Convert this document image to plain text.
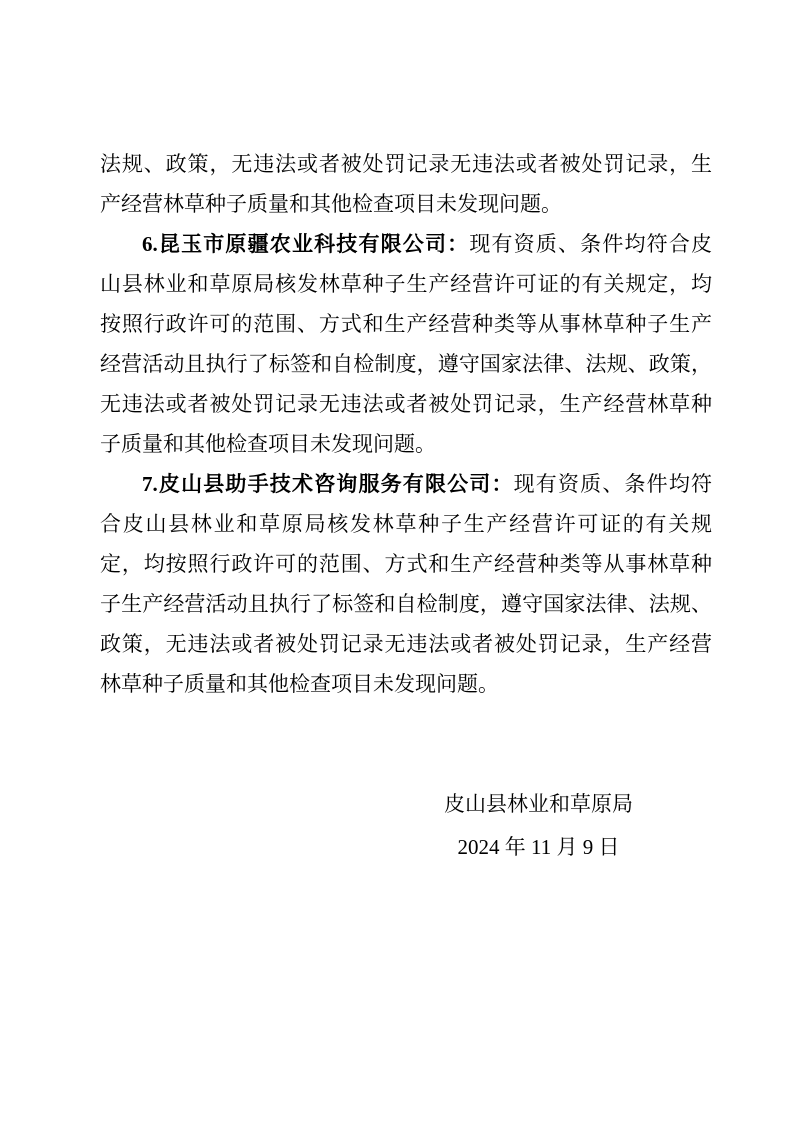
法规、政策，无违法或者被处罚记录无违法或者被处罚记录，生
产经营林草种子质量和其他检查项目未发现问题。
6.昆玉市原疆农业科技有限公司：现有资质、条件均符合皮
山县林业和草原局核发林草种子生产经营许可证的有关规定，均
按照行政许可的范围、方式和生产经营种类等从事林草种子生产
经营活动且执行了标签和自检制度，遵守国家法律、法规、政策，
无违法或者被处罚记录无违法或者被处罚记录，生产经营林草种
子质量和其他检查项目未发现问题。
7.皮山县助手技术咨询服务有限公司：现有资质、条件均符
合皮山县林业和草原局核发林草种子生产经营许可证的有关规
定，均按照行政许可的范围、方式和生产经营种类等从事林草种
子生产经营活动且执行了标签和自检制度，遵守国家法律、法规、
政策，无违法或者被处罚记录无违法或者被处罚记录，生产经营
林草种子质量和其他检查项目未发现问题。
皮山县林业和草原局
2024 年 11 月 9 日
